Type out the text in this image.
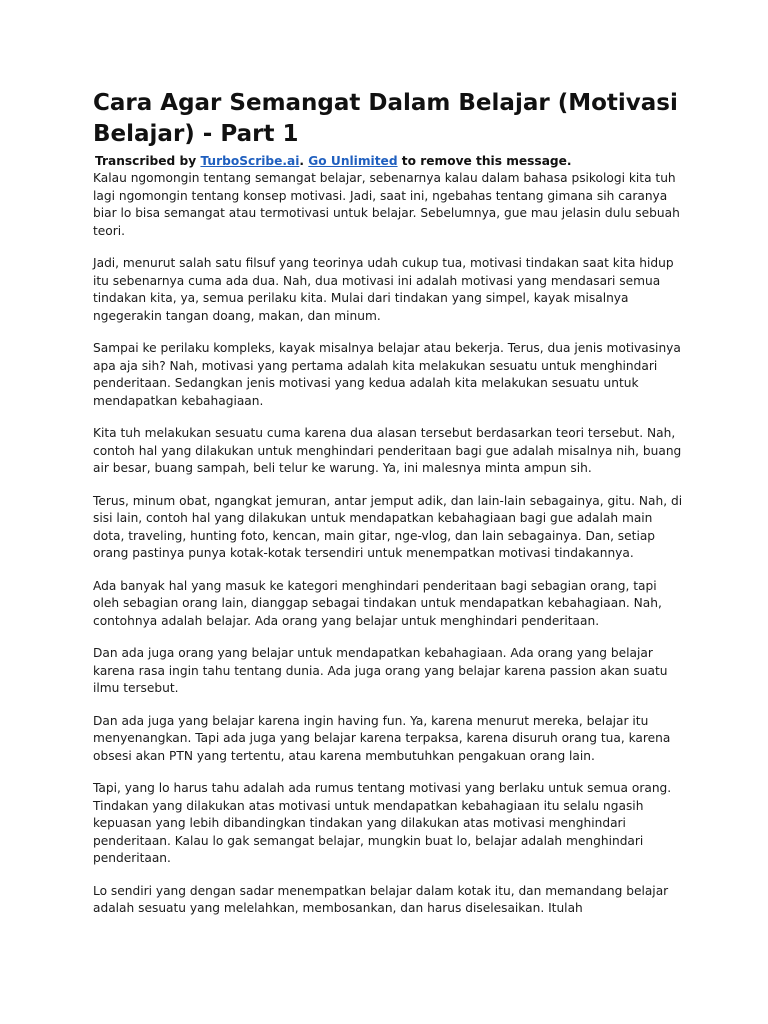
Cara Agar Semangat Dalam Belajar (Motivasi Belajar) - Part 1
Transcribed by TurboScribe.ai. Go Unlimited to remove this message.

Kalau ngomongin tentang semangat belajar, sebenarnya kalau dalam bahasa psikologi kita tuh lagi ngomongin tentang konsep motivasi. Jadi, saat ini, ngebahas tentang gimana sih caranya biar lo bisa semangat atau termotivasi untuk belajar. Sebelumnya, gue mau jelasin dulu sebuah teori.

Jadi, menurut salah satu filsuf yang teorinya udah cukup tua, motivasi tindakan saat kita hidup itu sebenarnya cuma ada dua. Nah, dua motivasi ini adalah motivasi yang mendasari semua tindakan kita, ya, semua perilaku kita. Mulai dari tindakan yang simpel, kayak misalnya ngegerakin tangan doang, makan, dan minum.

Sampai ke perilaku kompleks, kayak misalnya belajar atau bekerja. Terus, dua jenis motivasinya apa aja sih? Nah, motivasi yang pertama adalah kita melakukan sesuatu untuk menghindari penderitaan. Sedangkan jenis motivasi yang kedua adalah kita melakukan sesuatu untuk mendapatkan kebahagiaan.

Kita tuh melakukan sesuatu cuma karena dua alasan tersebut berdasarkan teori tersebut. Nah, contoh hal yang dilakukan untuk menghindari penderitaan bagi gue adalah misalnya nih, buang air besar, buang sampah, beli telur ke warung. Ya, ini malesnya minta ampun sih.

Terus, minum obat, ngangkat jemuran, antar jemput adik, dan lain-lain sebagainya, gitu. Nah, di sisi lain, contoh hal yang dilakukan untuk mendapatkan kebahagiaan bagi gue adalah main dota, traveling, hunting foto, kencan, main gitar, nge-vlog, dan lain sebagainya. Dan, setiap orang pastinya punya kotak-kotak tersendiri untuk menempatkan motivasi tindakannya.

Ada banyak hal yang masuk ke kategori menghindari penderitaan bagi sebagian orang, tapi oleh sebagian orang lain, dianggap sebagai tindakan untuk mendapatkan kebahagiaan. Nah, contohnya adalah belajar. Ada orang yang belajar untuk menghindari penderitaan.

Dan ada juga orang yang belajar untuk mendapatkan kebahagiaan. Ada orang yang belajar karena rasa ingin tahu tentang dunia. Ada juga orang yang belajar karena passion akan suatu ilmu tersebut.

Dan ada juga yang belajar karena ingin having fun. Ya, karena menurut mereka, belajar itu menyenangkan. Tapi ada juga yang belajar karena terpaksa, karena disuruh orang tua, karena obsesi akan PTN yang tertentu, atau karena membutuhkan pengakuan orang lain.

Tapi, yang lo harus tahu adalah ada rumus tentang motivasi yang berlaku untuk semua orang. Tindakan yang dilakukan atas motivasi untuk mendapatkan kebahagiaan itu selalu ngasih kepuasan yang lebih dibandingkan tindakan yang dilakukan atas motivasi menghindari penderitaan. Kalau lo gak semangat belajar, mungkin buat lo, belajar adalah menghindari penderitaan.

Lo sendiri yang dengan sadar menempatkan belajar dalam kotak itu, dan memandang belajar adalah sesuatu yang melelahkan, membosankan, dan harus diselesaikan. Itulah
